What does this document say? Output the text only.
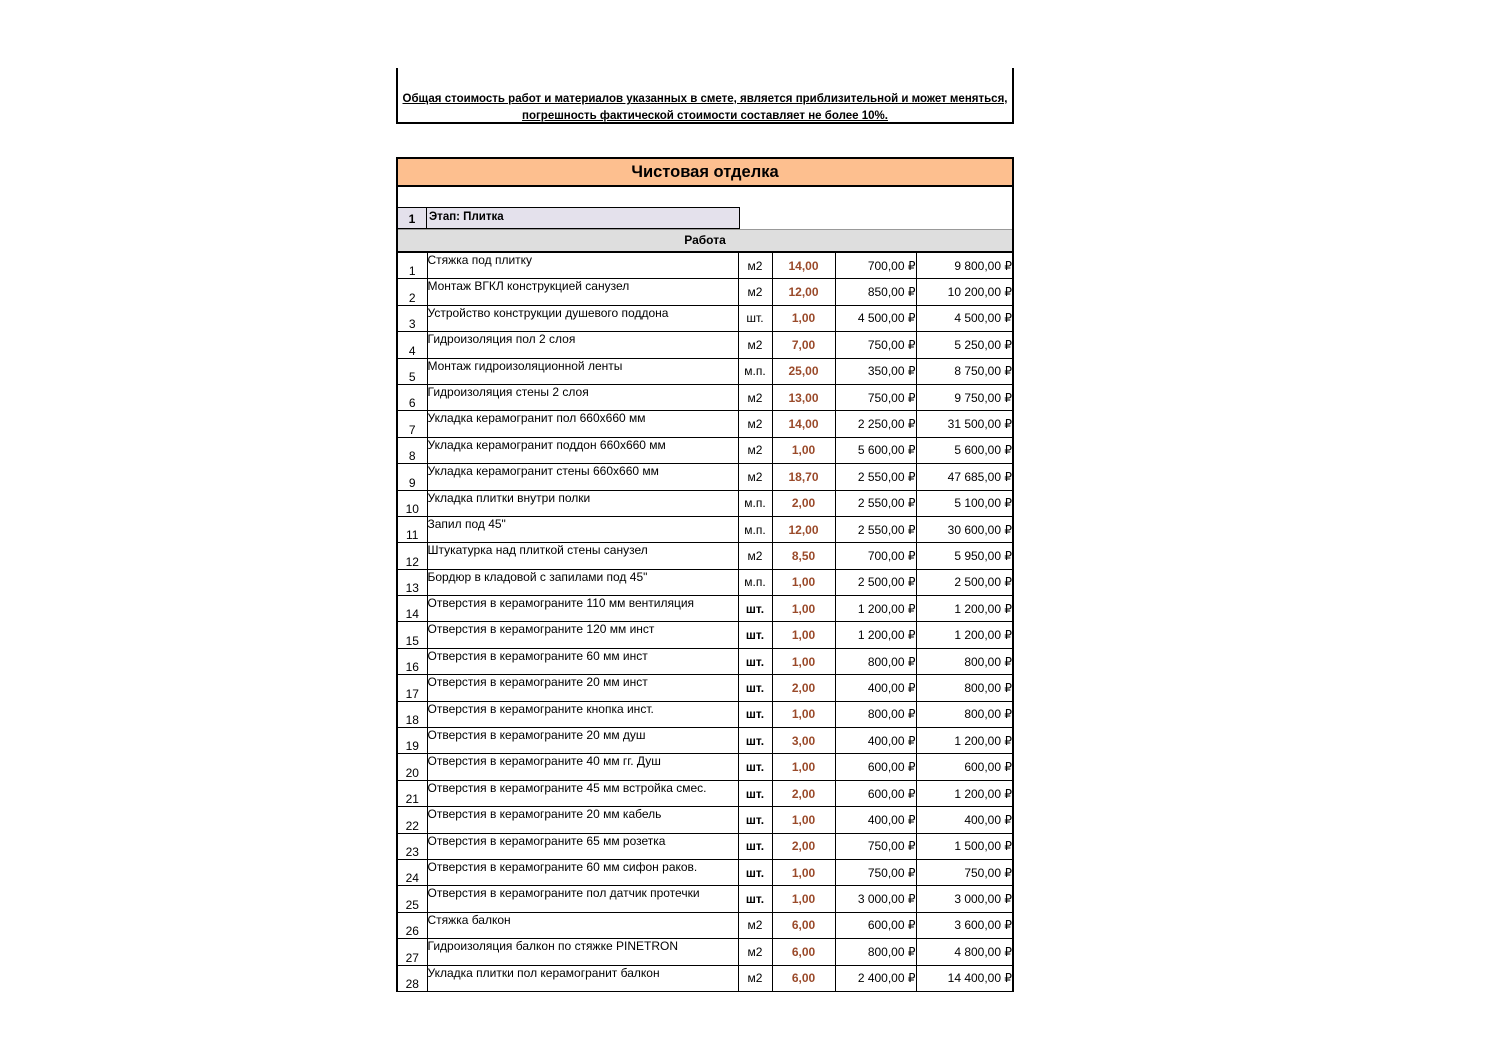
Общая стоимость работ и материалов указанных в смете, является приблизительной и может меняться,
погрешность фактической стоимости составляет не более 10%.
Чистовая отделка
1	Этап: Плитка
Работа
1	Стяжка под плитку	м2	14,00	700,00 ₽	9 800,00 ₽
2	Монтаж ВГКЛ конструкцией санузел	м2	12,00	850,00 ₽	10 200,00 ₽
3	Устройство конструкции душевого поддона	шт.	1,00	4 500,00 ₽	4 500,00 ₽
4	Гидроизоляция пол 2 слоя	м2	7,00	750,00 ₽	5 250,00 ₽
5	Монтаж гидроизоляционной ленты	м.п.	25,00	350,00 ₽	8 750,00 ₽
6	Гидроизоляция стены 2 слоя	м2	13,00	750,00 ₽	9 750,00 ₽
7	Укладка керамогранит пол 660х660 мм	м2	14,00	2 250,00 ₽	31 500,00 ₽
8	Укладка керамогранит поддон 660х660 мм	м2	1,00	5 600,00 ₽	5 600,00 ₽
9	Укладка керамогранит стены 660х660 мм	м2	18,70	2 550,00 ₽	47 685,00 ₽
10	Укладка плитки внутри полки	м.п.	2,00	2 550,00 ₽	5 100,00 ₽
11	Запил под 45"	м.п.	12,00	2 550,00 ₽	30 600,00 ₽
12	Штукатурка над плиткой стены санузел	м2	8,50	700,00 ₽	5 950,00 ₽
13	Бордюр в кладовой с запилами под 45"	м.п.	1,00	2 500,00 ₽	2 500,00 ₽
14	Отверстия в керамограните 110 мм вентиляция	шт.	1,00	1 200,00 ₽	1 200,00 ₽
15	Отверстия в керамограните 120 мм инст	шт.	1,00	1 200,00 ₽	1 200,00 ₽
16	Отверстия в керамограните 60 мм инст	шт.	1,00	800,00 ₽	800,00 ₽
17	Отверстия в керамограните 20 мм инст	шт.	2,00	400,00 ₽	800,00 ₽
18	Отверстия в керамограните кнопка инст.	шт.	1,00	800,00 ₽	800,00 ₽
19	Отверстия в керамограните 20 мм душ	шт.	3,00	400,00 ₽	1 200,00 ₽
20	Отверстия в керамограните 40 мм гг. Душ	шт.	1,00	600,00 ₽	600,00 ₽
21	Отверстия в керамограните 45 мм встройка смес.	шт.	2,00	600,00 ₽	1 200,00 ₽
22	Отверстия в керамограните 20 мм кабель	шт.	1,00	400,00 ₽	400,00 ₽
23	Отверстия в керамограните 65 мм розетка	шт.	2,00	750,00 ₽	1 500,00 ₽
24	Отверстия в керамограните 60 мм сифон раков.	шт.	1,00	750,00 ₽	750,00 ₽
25	Отверстия в керамограните пол датчик протечки	шт.	1,00	3 000,00 ₽	3 000,00 ₽
26	Стяжка балкон	м2	6,00	600,00 ₽	3 600,00 ₽
27	Гидроизоляция балкон по стяжке PINETRON	м2	6,00	800,00 ₽	4 800,00 ₽
28	Укладка плитки пол керамогранит балкон	м2	6,00	2 400,00 ₽	14 400,00 ₽
